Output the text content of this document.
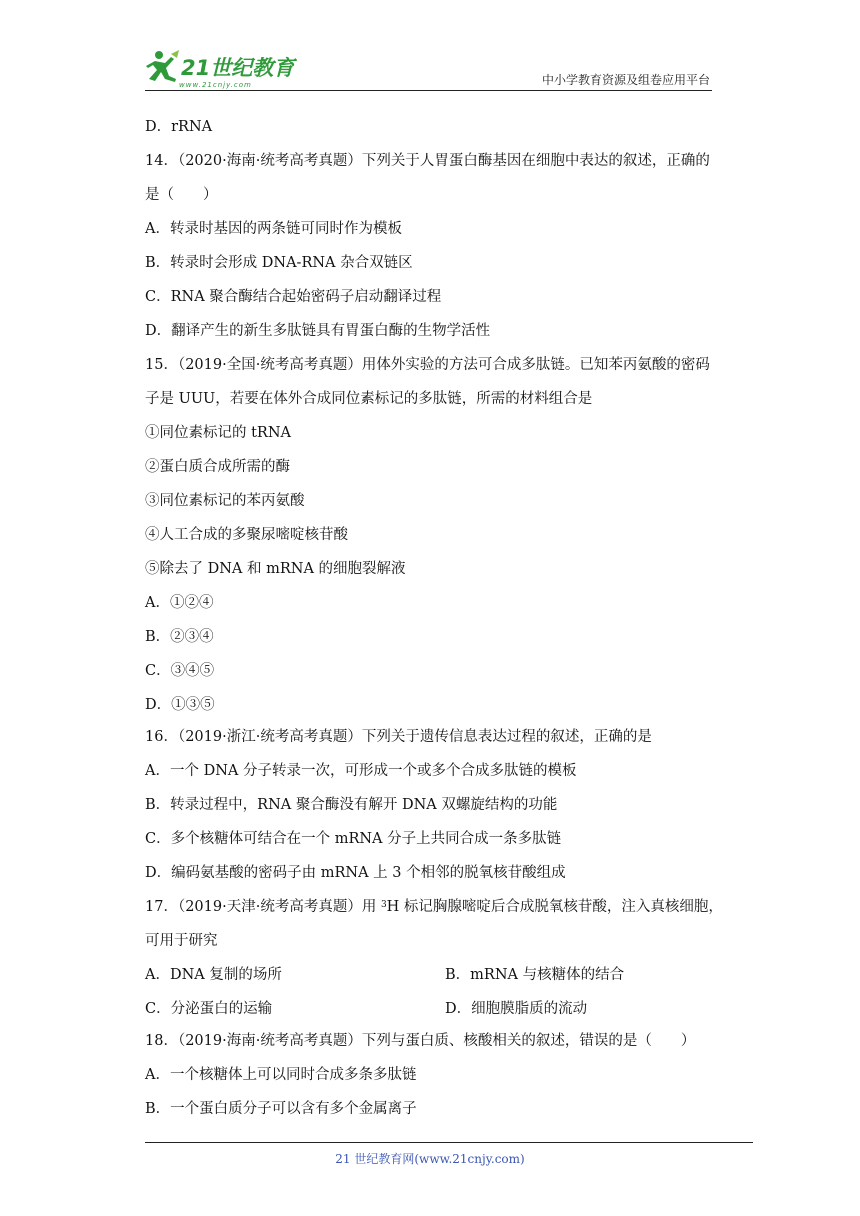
21世纪教育
www.21cnjy.com	中小学教育资源及组卷应用平台
D．rRNA
14．（2020·海南·统考高考真题）下列关于人胃蛋白酶基因在细胞中表达的叙述，正确的
是（　　）
A．转录时基因的两条链可同时作为模板
B．转录时会形成 DNA-RNA 杂合双链区
C．RNA 聚合酶结合起始密码子启动翻译过程
D．翻译产生的新生多肽链具有胃蛋白酶的生物学活性
15．（2019·全国·统考高考真题）用体外实验的方法可合成多肽链。已知苯丙氨酸的密码
子是 UUU，若要在体外合成同位素标记的多肽链，所需的材料组合是
①同位素标记的 tRNA
②蛋白质合成所需的酶
③同位素标记的苯丙氨酸
④人工合成的多聚尿嘧啶核苷酸
⑤除去了 DNA 和 mRNA 的细胞裂解液
A．①②④
B．②③④
C．③④⑤
D．①③⑤
16．（2019·浙江·统考高考真题）下列关于遗传信息表达过程的叙述，正确的是
A．一个 DNA 分子转录一次，可形成一个或多个合成多肽链的模板
B．转录过程中，RNA 聚合酶没有解开 DNA 双螺旋结构的功能
C．多个核糖体可结合在一个 mRNA 分子上共同合成一条多肽链
D．编码氨基酸的密码子由 mRNA 上 3 个相邻的脱氧核苷酸组成
17．（2019·天津·统考高考真题）用 $^3$H 标记胸腺嘧啶后合成脱氧核苷酸，注入真核细胞，
可用于研究
A．DNA 复制的场所	B．mRNA 与核糖体的结合
C．分泌蛋白的运输	D．细胞膜脂质的流动
18．（2019·海南·统考高考真题）下列与蛋白质、核酸相关的叙述，错误的是（　　）
A．一个核糖体上可以同时合成多条多肽链
B．一个蛋白质分子可以含有多个金属离子
21 世纪教育网(www.21cnjy.com)
